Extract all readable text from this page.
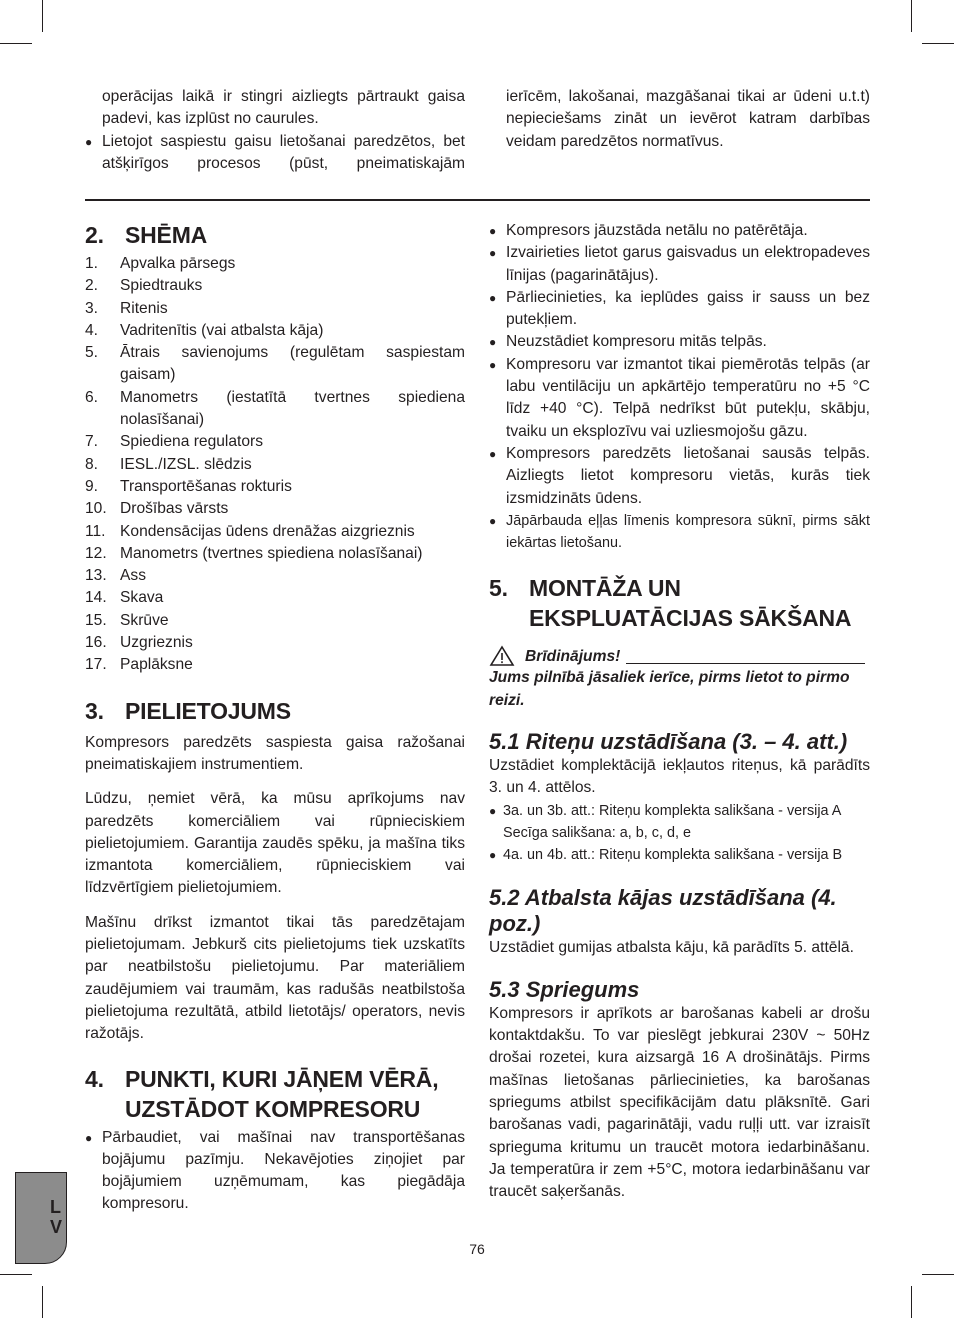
operācijas laikā ir stingri aizliegts pārtraukt gaisa padevi, kas izplūst no caurules.
● Lietojot saspiestu gaisu lietošanai paredzētos, bet atšķirīgos procesos (pūst, pneimatiskajām
ierīcēm, lakošanai, mazgāšanai tikai ar ūdeni u.t.t) nepieciešams zināt un ievērot katram darbības veidam paredzētos normatīvus.
2. SHĒMA
1. Apvalka pārsegs
2. Spiedtrauks
3. Ritenis
4. Vadritenītis (vai atbalsta kāja)
5. Ātrais savienojums (regulētam saspiestam gaisam)
6. Manometrs (iestatītā tvertnes spiediena nolasīšanai)
7. Spiediena regulators
8. IESL./IZSL. slēdzis
9. Transportēšanas rokturis
10. Drošības vārsts
11. Kondensācijas ūdens drenāžas aizgrieznis
12. Manometrs (tvertnes spiediena nolasīšanai)
13. Ass
14. Skava
15. Skrūve
16. Uzgrieznis
17. Paplāksne
3. PIELIETOJUMS

Kompresors paredzēts saspiesta gaisa ražošanai pneimatiskajiem instrumentiem.

Lūdzu, ņemiet vērā, ka mūsu aprīkojums nav paredzēts komerciāliem vai rūpnieciskiem pielietojumiem. Garantija zaudēs spēku, ja mašīna tiks izmantota komerciāliem, rūpnieciskiem vai līdzvērtīgiem pielietojumiem.

Mašīnu drīkst izmantot tikai tās paredzētajam pielietojumam. Jebkurš cits pielietojums tiek uzskatīts par neatbilstošu pielietojumu. Par materiāliem zaudējumiem vai traumām, kas radušās neatbilstoša pielietojuma rezultātā, atbild lietotājs/ operators, nevis ražotājs.

4. PUNKTI, KURI JĀŅEM VĒRĀ,
UZSTĀDOT KOMPRESORU
● Pārbaudiet, vai mašīnai nav transportēšanas bojājumu pazīmju. Nekavējoties ziņojiet par bojājumiem uzņēmumam, kas piegādāja kompresoru.
● Kompresors jāuzstāda netālu no patērētāja.
● Izvairieties lietot garus gaisvadus un elektropadeves līnijas (pagarinātājus).
● Pārliecinieties, ka ieplūdes gaiss ir sauss un bez putekļiem.
● Neuzstādiet kompresoru mitās telpās.
● Kompresoru var izmantot tikai piemērotās telpās (ar labu ventilāciju un apkārtējo temperatūru no +5 °C līdz +40 °C). Telpā nedrīkst būt putekļu, skābju, tvaiku un eksplozīvu vai uzliesmojošu gāzu.
● Kompresors paredzēts lietošanai sausās telpās. Aizliegts lietot kompresoru vietās, kurās tiek izsmidzināts ūdens.
● Jāpārbauda eļļas līmenis kompresora sūknī, pirms sākt iekārtas lietošanu.
5. MONTĀŽA UN
EKSPLUATĀCIJAS SĀKŠANA
Brīdinājums!
Jums pilnībā jāsaliek ierīce, pirms lietot to pirmo reizi.
5.1 Riteņu uzstādīšana (3. – 4. att.)
Uzstādiet komplektācijā iekļautos riteņus, kā parādīts 3. un 4. attēlos.
● 3a. un 3b. att.: Riteņu komplekta salikšana - versija A
Secīga salikšana: a, b, c, d, e
● 4a. un 4b. att.: Riteņu komplekta salikšana - versija B
5.2 Atbalsta kājas uzstādīšana (4. poz.)
Uzstādiet gumijas atbalsta kāju, kā parādīts 5. attēlā.
5.3 Spriegums
Kompresors ir aprīkots ar barošanas kabeli ar drošu kontaktdakšu. To var pieslēgt jebkurai 230V ~ 50Hz drošai rozetei, kura aizsargā 16 A drošinātājs. Pirms mašīnas lietošanas pārliecinieties, ka barošanas spriegums atbilst specifikācijām datu plāksnītē. Gari barošanas vadi, pagarinātāji, vadu ruļļi utt. var izraisīt sprieguma kritumu un traucēt motora iedarbināšanu. Ja temperatūra ir zem +5°C, motora iedarbināšanu var traucēt saķeršanās.
L
V
76
